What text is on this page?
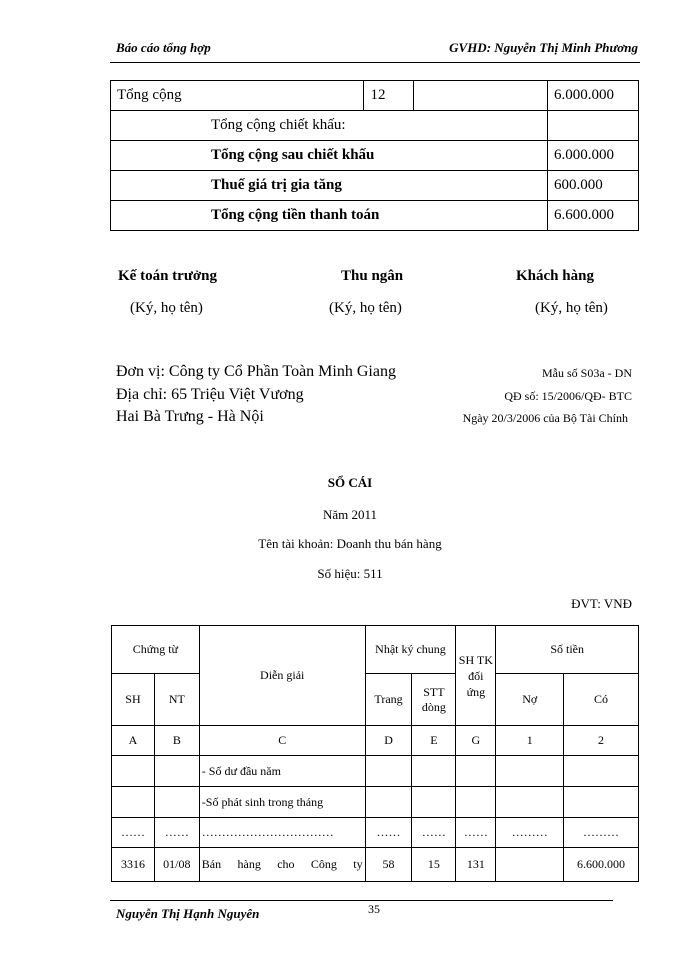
Báo cáo tổng hợp	GVHD: Nguyễn Thị Minh Phương
Tổng cộng	12		6.000.000
Tổng cộng chiết khấu:			
Tổng cộng sau chiết khấu			6.000.000
Thuế giá trị gia tăng			600.000
Tổng cộng tiền thanh toán			6.600.000
Kế toán trưởng
(Ký, họ tên)
Thu ngân
(Ký, họ tên)
Khách hàng
(Ký, họ tên)
Đơn vị: Công ty Cổ Phần Toàn Minh Giang
Địa chỉ: 65 Triệu Việt Vương
Hai Bà Trưng - Hà Nội
Mẫu số S03a - DN
QĐ số: 15/2006/QĐ- BTC
Ngày 20/3/2006 của Bộ Tài Chính
SỔ CÁI
Năm 2011
Tên tài khoản: Doanh thu bán hàng
Số hiệu: 511
ĐVT: VNĐ
Chứng từ		Diễn giải	Nhật ký chung		SH TK đối ứng	Số tiền	
SH	NT		Trang	STT dòng		Nợ	Có
A	B	C	D	E	G	1	2
		- Số dư đầu năm					
		-Số phát sinh trong tháng					
……	……	……………………………	……	……	……	………	………
3316	01/08	Bán hàng cho Công ty	58	15	131		6.600.000
Nguyễn Thị Hạnh Nguyên	35
